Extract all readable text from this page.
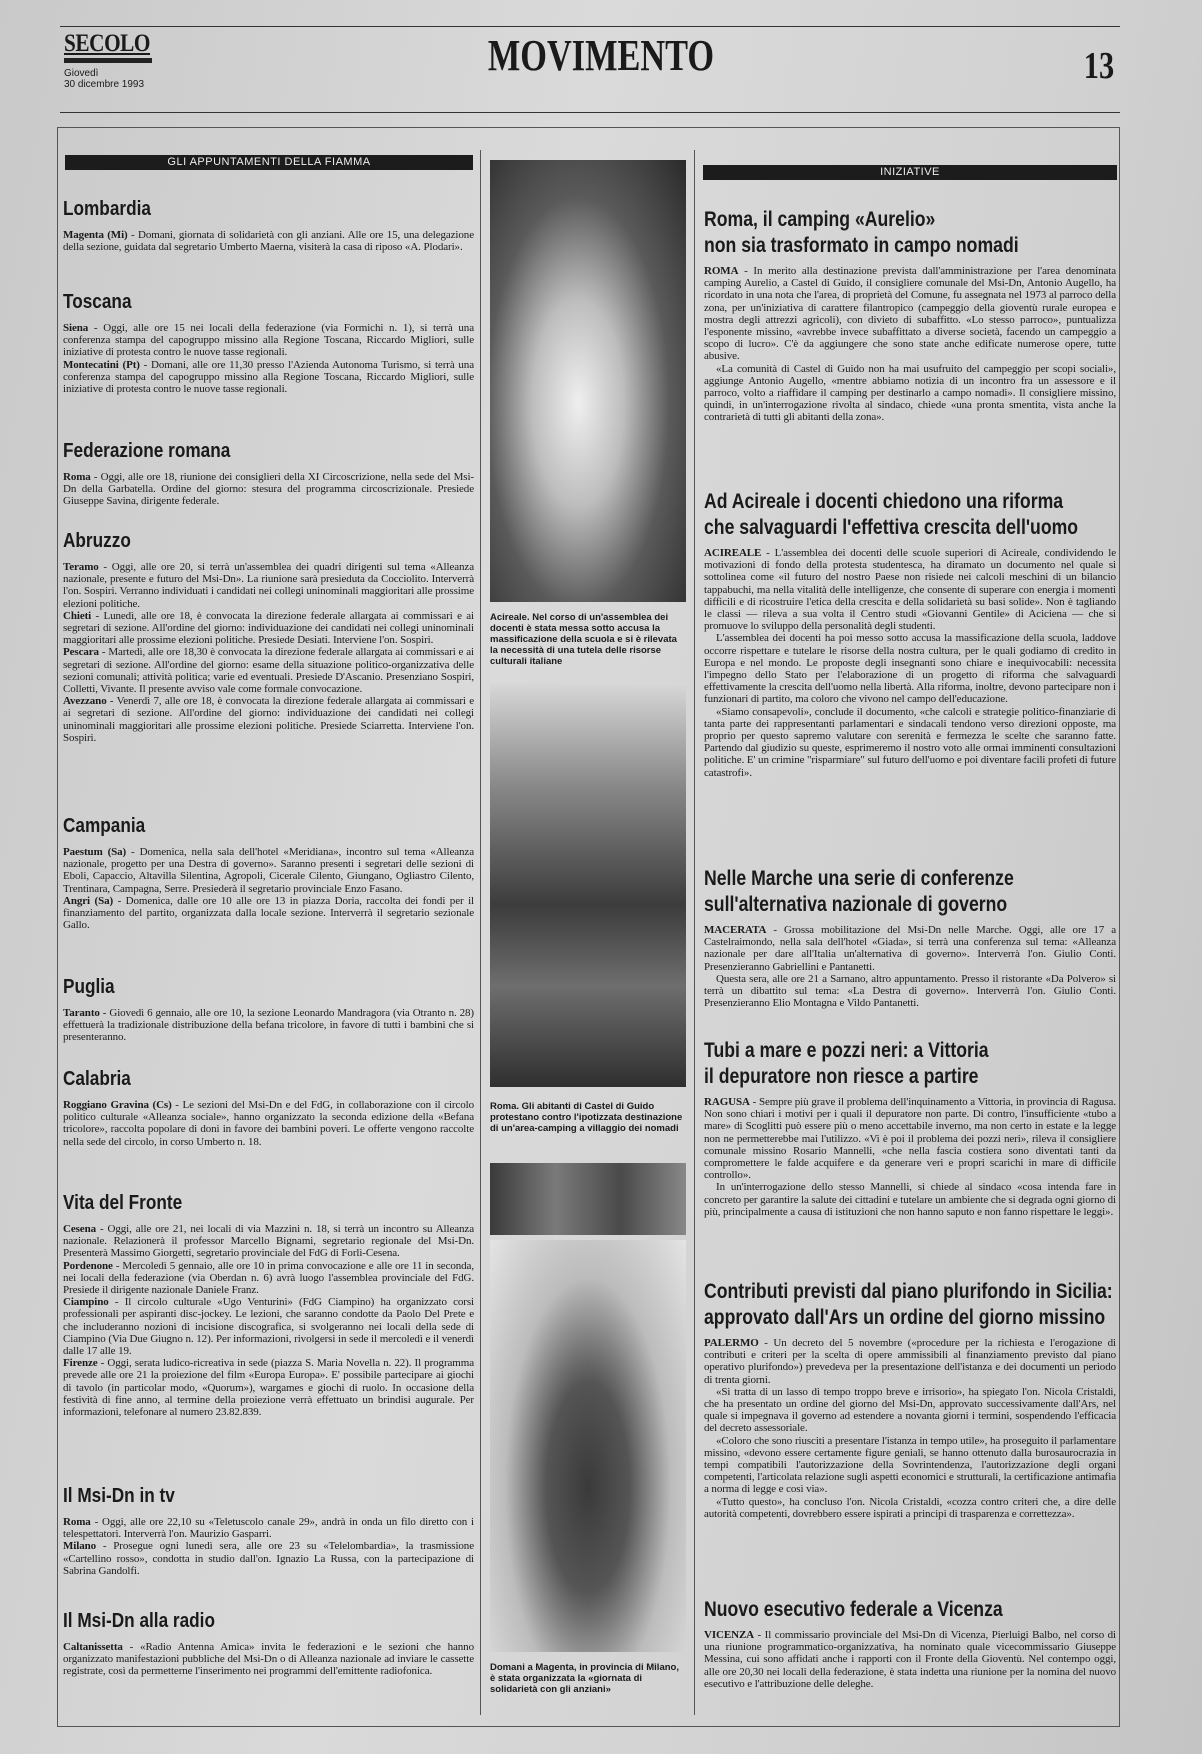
SECOLO
Giovedì
30 dicembre 1993
MOVIMENTO	13
GLI APPUNTAMENTI DELLA FIAMMA
INIZIATIVE
Lombardia

Magenta (Mi) - Domani, giornata di solidarietà con gli anziani. Alle ore 15, una delegazione della sezione, guidata dal segretario Umberto Maerna, visiterà la casa di riposo «A. Plodari».

Toscana

Siena - Oggi, alle ore 15 nei locali della federazione (via Formichi n. 1), si terrà una conferenza stampa del capogruppo missino alla Regione Toscana, Riccardo Migliori, sulle iniziative di protesta contro le nuove tasse regionali.

Montecatini (Pt) - Domani, alle ore 11,30 presso l'Azienda Autonoma Turismo, si terrà una conferenza stampa del capogruppo missino alla Regione Toscana, Riccardo Migliori, sulle iniziative di protesta contro le nuove tasse regionali.

Federazione romana

Roma - Oggi, alle ore 18, riunione dei consiglieri della XI Circoscrizione, nella sede del Msi-Dn della Garbatella. Ordine del giorno: stesura del programma circoscrizionale. Presiede Giuseppe Savina, dirigente federale.

Abruzzo

Teramo - Oggi, alle ore 20, si terrà un'assemblea dei quadri dirigenti sul tema «Alleanza nazionale, presente e futuro del Msi-Dn». La riunione sarà presieduta da Cocciolito. Interverrà l'on. Sospiri. Verranno individuati i candidati nei collegi uninominali maggioritari alle prossime elezioni politiche.

Chieti - Lunedì, alle ore 18, è convocata la direzione federale allargata ai commissari e ai segretari di sezione. All'ordine del giorno: individuazione dei candidati nei collegi uninominali maggioritari alle prossime elezioni politiche. Presiede Desiati. Interviene l'on. Sospiri.

Pescara - Martedì, alle ore 18,30 è convocata la direzione federale allargata ai commissari e ai segretari di sezione. All'ordine del giorno: esame della situazione politico-organizzativa delle sezioni comunali; attività politica; varie ed eventuali. Presiede D'Ascanio. Presenziano Sospiri, Colletti, Vivante. Il presente avviso vale come formale convocazione.

Avezzano - Venerdì 7, alle ore 18, è convocata la direzione federale allargata ai commissari e ai segretari di sezione. All'ordine del giorno: individuazione dei candidati nei collegi uninominali maggioritari alle prossime elezioni politiche. Presiede Sciarretta. Interviene l'on. Sospiri.

Campania

Paestum (Sa) - Domenica, nella sala dell'hotel «Meridiana», incontro sul tema «Alleanza nazionale, progetto per una Destra di governo». Saranno presenti i segretari delle sezioni di Eboli, Capaccio, Altavilla Silentina, Agropoli, Cicerale Cilento, Giungano, Ogliastro Cilento, Trentinara, Campagna, Serre. Presiederà il segretario provinciale Enzo Fasano.

Angri (Sa) - Domenica, dalle ore 10 alle ore 13 in piazza Doria, raccolta dei fondi per il finanziamento del partito, organizzata dalla locale sezione. Interverrà il segretario sezionale Gallo.

Puglia

Taranto - Giovedì 6 gennaio, alle ore 10, la sezione Leonardo Mandragora (via Otranto n. 28) effettuerà la tradizionale distribuzione della befana tricolore, in favore di tutti i bambini che si presenteranno.

Calabria

Roggiano Gravina (Cs) - Le sezioni del Msi-Dn e del FdG, in collaborazione con il circolo politico culturale «Alleanza sociale», hanno organizzato la seconda edizione della «Befana tricolore», raccolta popolare di doni in favore dei bambini poveri. Le offerte vengono raccolte nella sede del circolo, in corso Umberto n. 18.

Vita del Fronte

Cesena - Oggi, alle ore 21, nei locali di via Mazzini n. 18, si terrà un incontro su Alleanza nazionale. Relazionerà il professor Marcello Bignami, segretario regionale del Msi-Dn. Presenterà Massimo Giorgetti, segretario provinciale del FdG di Forlì-Cesena.

Pordenone - Mercoledì 5 gennaio, alle ore 10 in prima convocazione e alle ore 11 in seconda, nei locali della federazione (via Oberdan n. 6) avrà luogo l'assemblea provinciale del FdG. Presiede il dirigente nazionale Daniele Franz.

Ciampino - Il circolo culturale «Ugo Venturini» (FdG Ciampino) ha organizzato corsi professionali per aspiranti disc-jockey. Le lezioni, che saranno condotte da Paolo Del Prete e che includeranno nozioni di incisione discografica, si svolgeranno nei locali della sede di Ciampino (Via Due Giugno n. 12). Per informazioni, rivolgersi in sede il mercoledì e il venerdì dalle 17 alle 19.

Firenze - Oggi, serata ludico-ricreativa in sede (piazza S. Maria Novella n. 22). Il programma prevede alle ore 21 la proiezione del film «Europa Europa». E' possibile partecipare ai giochi di tavolo (in particolar modo, «Quorum»), wargames e giochi di ruolo. In occasione della festività di fine anno, al termine della proiezione verrà effettuato un brindisi augurale. Per informazioni, telefonare al numero 23.82.839.

Il Msi-Dn in tv

Roma - Oggi, alle ore 22,10 su «Teletuscolo canale 29», andrà in onda un filo diretto con i telespettatori. Interverrà l'on. Maurizio Gasparri.

Milano - Prosegue ogni lunedì sera, alle ore 23 su «Telelombardia», la trasmissione «Cartellino rosso», condotta in studio dall'on. Ignazio La Russa, con la partecipazione di Sabrina Gandolfi.

Il Msi-Dn alla radio

Caltanissetta - «Radio Antenna Amica» invita le federazioni e le sezioni che hanno organizzato manifestazioni pubbliche del Msi-Dn o di Alleanza nazionale ad inviare le cassette registrate, così da permetterne l'inserimento nei programmi dell'emittente radiofonica.

Roma, il camping «Aurelio»
non sia trasformato in campo nomadi

ROMA - In merito alla destinazione prevista dall'amministrazione per l'area denominata camping Aurelio, a Castel di Guido, il consigliere comunale del Msi-Dn, Antonio Augello, ha ricordato in una nota che l'area, di proprietà del Comune, fu assegnata nel 1973 al parroco della zona, per un'iniziativa di carattere filantropico (campeggio della gioventù rurale europea e mostra degli attrezzi agricoli), con divieto di subaffitto. «Lo stesso parroco», puntualizza l'esponente missino, «avrebbe invece subaffittato a diverse società, facendo un campeggio a scopo di lucro». C'è da aggiungere che sono state anche edificate numerose opere, tutte abusive.

«La comunità di Castel di Guido non ha mai usufruito del campeggio per scopi sociali», aggiunge Antonio Augello, «mentre abbiamo notizia di un incontro fra un assessore e il parroco, volto a riaffidare il camping per destinarlo a campo nomadi». Il consigliere missino, quindi, in un'interrogazione rivolta al sindaco, chiede «una pronta smentita, vista anche la contrarietà di tutti gli abitanti della zona».

Ad Acireale i docenti chiedono una riforma
che salvaguardi l'effettiva crescita dell'uomo

ACIREALE - L'assemblea dei docenti delle scuole superiori di Acireale, condividendo le motivazioni di fondo della protesta studentesca, ha diramato un documento nel quale si sottolinea come «il futuro del nostro Paese non risiede nei calcoli meschini di un bilancio tappabuchi, ma nella vitalità delle intelligenze, che consente di superare con energia i momenti difficili e di ricostruire l'etica della crescita e della solidarietà su basi solide». Non è tagliando le classi — rileva a sua volta il Centro studi «Giovanni Gentile» di Aciciena — che si promuove lo sviluppo della personalità degli studenti.

L'assemblea dei docenti ha poi messo sotto accusa la massificazione della scuola, laddove occorre rispettare e tutelare le risorse della nostra cultura, per le quali godiamo di credito in Europa e nel mondo. Le proposte degli insegnanti sono chiare e inequivocabili: necessita l'impegno dello Stato per l'elaborazione di un progetto di riforma che salvaguardi effettivamente la crescita dell'uomo nella libertà. Alla riforma, inoltre, devono partecipare non i funzionari di partito, ma coloro che vivono nel campo dell'educazione.

«Siamo consapevoli», conclude il documento, «che calcoli e strategie politico-finanziarie di tanta parte dei rappresentanti parlamentari e sindacali tendono verso direzioni opposte, ma proprio per questo sapremo valutare con serenità e fermezza le scelte che saranno fatte. Partendo dal giudizio su queste, esprimeremo il nostro voto alle ormai imminenti consultazioni politiche. E' un crimine "risparmiare" sul futuro dell'uomo e poi diventare facili profeti di future catastrofi».

Nelle Marche una serie di conferenze
sull'alternativa nazionale di governo

MACERATA - Grossa mobilitazione del Msi-Dn nelle Marche. Oggi, alle ore 17 a Castelraimondo, nella sala dell'hotel «Giada», si terrà una conferenza sul tema: «Alleanza nazionale per dare all'Italia un'alternativa di governo». Interverrà l'on. Giulio Conti. Presenzieranno Gabriellini e Pantanetti.

Questa sera, alle ore 21 a Sarnano, altro appuntamento. Presso il ristorante «Da Polvero» si terrà un dibattito sul tema: «La Destra di governo». Interverrà l'on. Giulio Conti. Presenzieranno Elio Montagna e Vildo Pantanetti.

Tubi a mare e pozzi neri: a Vittoria
il depuratore non riesce a partire

RAGUSA - Sempre più grave il problema dell'inquinamento a Vittoria, in provincia di Ragusa. Non sono chiari i motivi per i quali il depuratore non parte. Di contro, l'insufficiente «tubo a mare» di Scoglitti può essere più o meno accettabile inverno, ma non certo in estate e la legge non ne permetterebbe mai l'utilizzo. «Vi è poi il problema dei pozzi neri», rileva il consigliere comunale missino Rosario Mannelli, «che nella fascia costiera sono diventati tanti da compromettere le falde acquifere e da generare veri e propri scarichi in mare di difficile controllo».

In un'interrogazione dello stesso Mannelli, si chiede al sindaco «cosa intenda fare in concreto per garantire la salute dei cittadini e tutelare un ambiente che si degrada ogni giorno di più, principalmente a causa di istituzioni che non hanno saputo e non fanno rispettare le leggi».

Contributi previsti dal piano plurifondo in Sicilia:
approvato dall'Ars un ordine del giorno missino

PALERMO - Un decreto del 5 novembre («procedure per la richiesta e l'erogazione di contributi e criteri per la scelta di opere ammissibili al finanziamento previsto dal piano operativo plurifondo») prevedeva per la presentazione dell'istanza e dei documenti un periodo di trenta giorni.

«Si tratta di un lasso di tempo troppo breve e irrisorio», ha spiegato l'on. Nicola Cristaldi, che ha presentato un ordine del giorno del Msi-Dn, approvato successivamente dall'Ars, nel quale si impegnava il governo ad estendere a novanta giorni i termini, sospendendo l'efficacia del decreto assessoriale.

«Coloro che sono riusciti a presentare l'istanza in tempo utile», ha proseguito il parlamentare missino, «devono essere certamente figure geniali, se hanno ottenuto dalla burosaurocrazia in tempi compatibili l'autorizzazione della Sovrintendenza, l'autorizzazione degli organi competenti, l'articolata relazione sugli aspetti economici e strutturali, la certificazione antimafia a norma di legge e così via».

«Tutto questo», ha concluso l'on. Nicola Cristaldi, «cozza contro criteri che, a dire delle autorità competenti, dovrebbero essere ispirati a principi di trasparenza e correttezza».

Nuovo esecutivo federale a Vicenza

VICENZA - Il commissario provinciale del Msi-Dn di Vicenza, Pierluigi Balbo, nel corso di una riunione programmatico-organizzativa, ha nominato quale vicecommissario Giuseppe Messina, cui sono affidati anche i rapporti con il Fronte della Gioventù. Nel contempo oggi, alle ore 20,30 nei locali della federazione, è stata indetta una riunione per la nomina del nuovo esecutivo e l'attribuzione delle deleghe.

Acireale. Nel corso di un'assemblea dei docenti è stata messa sotto accusa la massificazione della scuola e si è rilevata la necessità di una tutela delle risorse culturali italiane
Roma. Gli abitanti di Castel di Guido protestano contro l'ipotizzata destinazione di un'area-camping a villaggio dei nomadi
Domani a Magenta, in provincia di Milano, è stata organizzata la «giornata di solidarietà con gli anziani»
